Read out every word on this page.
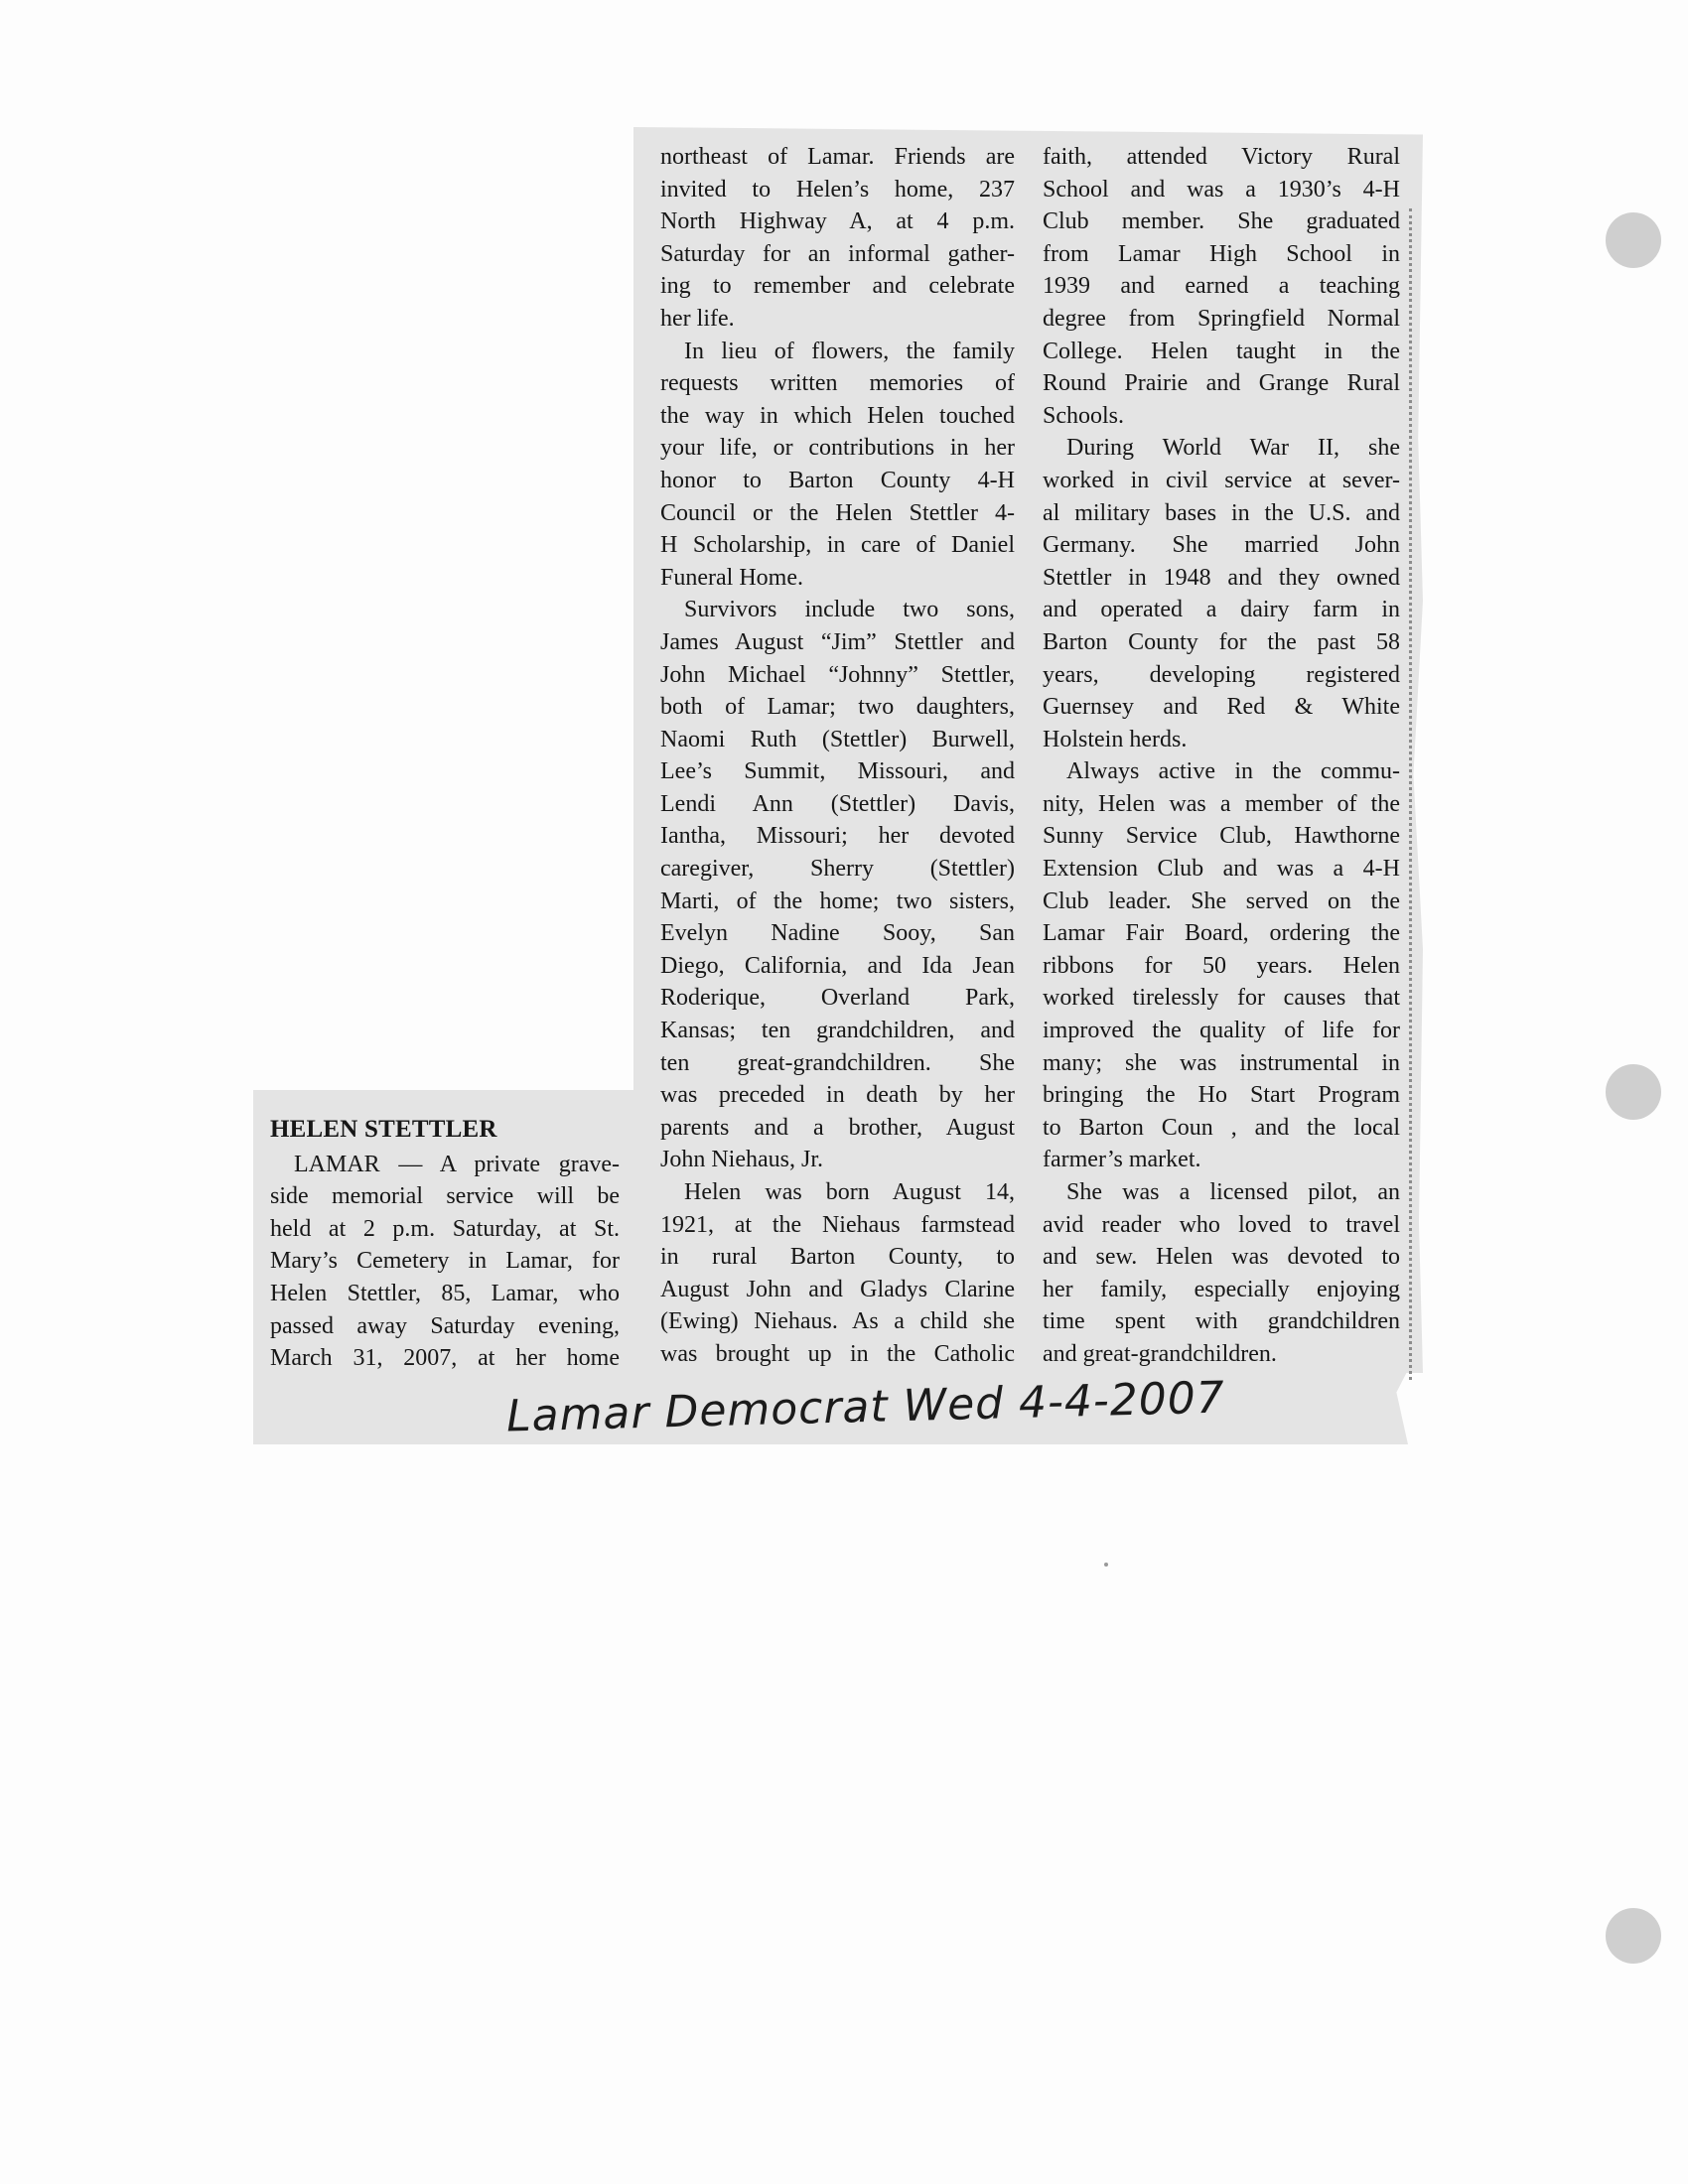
HELEN STETTLER
LAMAR — A private grave-
side memorial service will be
held at 2 p.m. Saturday, at St.
Mary’s Cemetery in Lamar, for
Helen Stettler, 85, Lamar, who
passed away Saturday evening,
March 31, 2007, at her home
northeast of Lamar. Friends are
invited to Helen’s home, 237
North Highway A, at 4 p.m.
Saturday for an informal gather-
ing to remember and celebrate
her life.
In lieu of flowers, the family
requests written memories of
the way in which Helen touched
your life, or contributions in her
honor to Barton County 4-H
Council or the Helen Stettler 4-
H Scholarship, in care of Daniel
Funeral Home.
Survivors include two sons,
James August “Jim” Stettler and
John Michael “Johnny” Stettler,
both of Lamar; two daughters,
Naomi Ruth (Stettler) Burwell,
Lee’s Summit, Missouri, and
Lendi Ann (Stettler) Davis,
Iantha, Missouri; her devoted
caregiver, Sherry (Stettler)
Marti, of the home; two sisters,
Evelyn Nadine Sooy, San
Diego, California, and Ida Jean
Roderique, Overland Park,
Kansas; ten grandchildren, and
ten great-grandchildren. She
was preceded in death by her
parents and a brother, August
John Niehaus, Jr.
Helen was born August 14,
1921, at the Niehaus farmstead
in rural Barton County, to
August John and Gladys Clarine
(Ewing) Niehaus. As a child she
was brought up in the Catholic
faith, attended Victory Rural
School and was a 1930’s 4-H
Club member. She graduated
from Lamar High School in
1939 and earned a teaching
degree from Springfield Normal
College. Helen taught in the
Round Prairie and Grange Rural
Schools.
During World War II, she
worked in civil service at sever-
al military bases in the U.S. and
Germany. She married John
Stettler in 1948 and they owned
and operated a dairy farm in
Barton County for the past 58
years, developing registered
Guernsey and Red & White
Holstein herds.
Always active in the commu-
nity, Helen was a member of the
Sunny Service Club, Hawthorne
Extension Club and was a 4-H
Club leader. She served on the
Lamar Fair Board, ordering the
ribbons for 50 years. Helen
worked tirelessly for causes that
improved the quality of life for
many; she was instrumental in
bringing the Ho Start Program
to Barton Coun , and the local
farmer’s market.
She was a licensed pilot, an
avid reader who loved to travel
and sew. Helen was devoted to
her family, especially enjoying
time spent with grandchildren
and great-grandchildren.
Lamar Democrat Wed 4-4-2007
